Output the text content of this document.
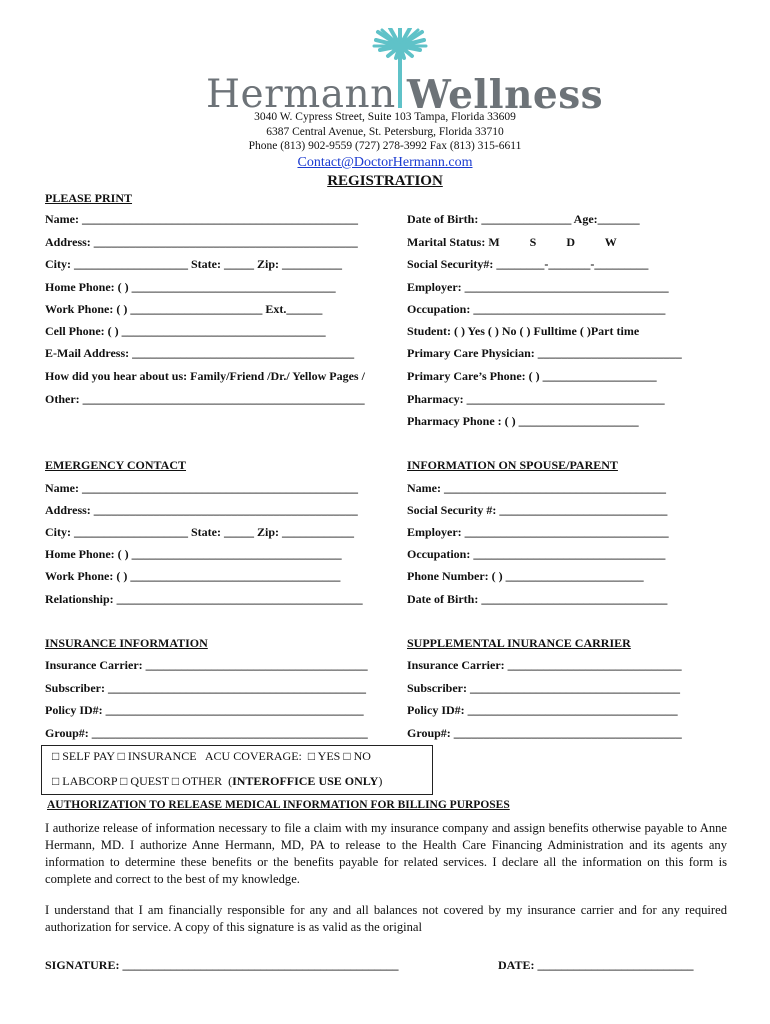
Hermann Wellness
3040 W. Cypress Street, Suite 103 Tampa, Florida 33609
6387 Central Avenue, St. Petersburg, Florida 33710
Phone (813) 902-9559 (727) 278-3992 Fax (813) 315-6611
Contact@DoctorHermann.com
REGISTRATION
PLEASE PRINT
Name: ______________________________________________
Address: ____________________________________________
City: ___________________ State: _____ Zip: __________
Home Phone: ( ) __________________________________
Work Phone: ( ) ______________________ Ext.______
Cell Phone: ( ) __________________________________
E-Mail Address: _____________________________________
How did you hear about us: Family/Friend /Dr./ Yellow Pages /
Other: _______________________________________________
Date of Birth: _______________ Age:_______
Marital Status: M          S          D          W
Social Security#: ________-_______-_________
Employer: __________________________________
Occupation: ________________________________
Student: ( ) Yes ( ) No ( ) Fulltime ( )Part time
Primary Care Physician: ________________________
Primary Care’s Phone: ( ) ___________________
Pharmacy: _________________________________
Pharmacy Phone : ( ) ____________________
EMERGENCY CONTACT
Name: ______________________________________________
Address: ____________________________________________
City: ___________________ State: _____ Zip: ____________
Home Phone: ( ) ___________________________________
Work Phone: ( ) ___________________________________
Relationship: _________________________________________
INFORMATION ON SPOUSE/PARENT
Name: _____________________________________
Social Security #: ____________________________
Employer: __________________________________
Occupation: ________________________________
Phone Number: ( ) _______________________
Date of Birth: _______________________________
INSURANCE INFORMATION
Insurance Carrier: _____________________________________
Subscriber: ___________________________________________
Policy ID#: ___________________________________________
Group#: ______________________________________________
SUPPLEMENTAL INURANCE CARRIER
Insurance Carrier: _____________________________
Subscriber: ___________________________________
Policy ID#: ___________________________________
Group#: ______________________________________
□ SELF PAY □ INSURANCE   ACU COVERAGE:  □ YES □ NO
□ LABCORP □ QUEST □ OTHER  (INTEROFFICE USE ONLY)
AUTHORIZATION TO RELEASE MEDICAL INFORMATION FOR BILLING PURPOSES
I authorize release of information necessary to file a claim with my insurance company and assign benefits otherwise payable to Anne Hermann, MD. I authorize Anne Hermann, MD, PA to release to the Health Care Financing Administration and its agents any information to determine these benefits or the benefits payable for related services. I declare all the information on this form is complete and correct to the best of my knowledge.
I understand that I am financially responsible for any and all balances not covered by my insurance carrier and for any required authorization for service. A copy of this signature is as valid as the original
SIGNATURE: ______________________________________________	DATE: __________________________
